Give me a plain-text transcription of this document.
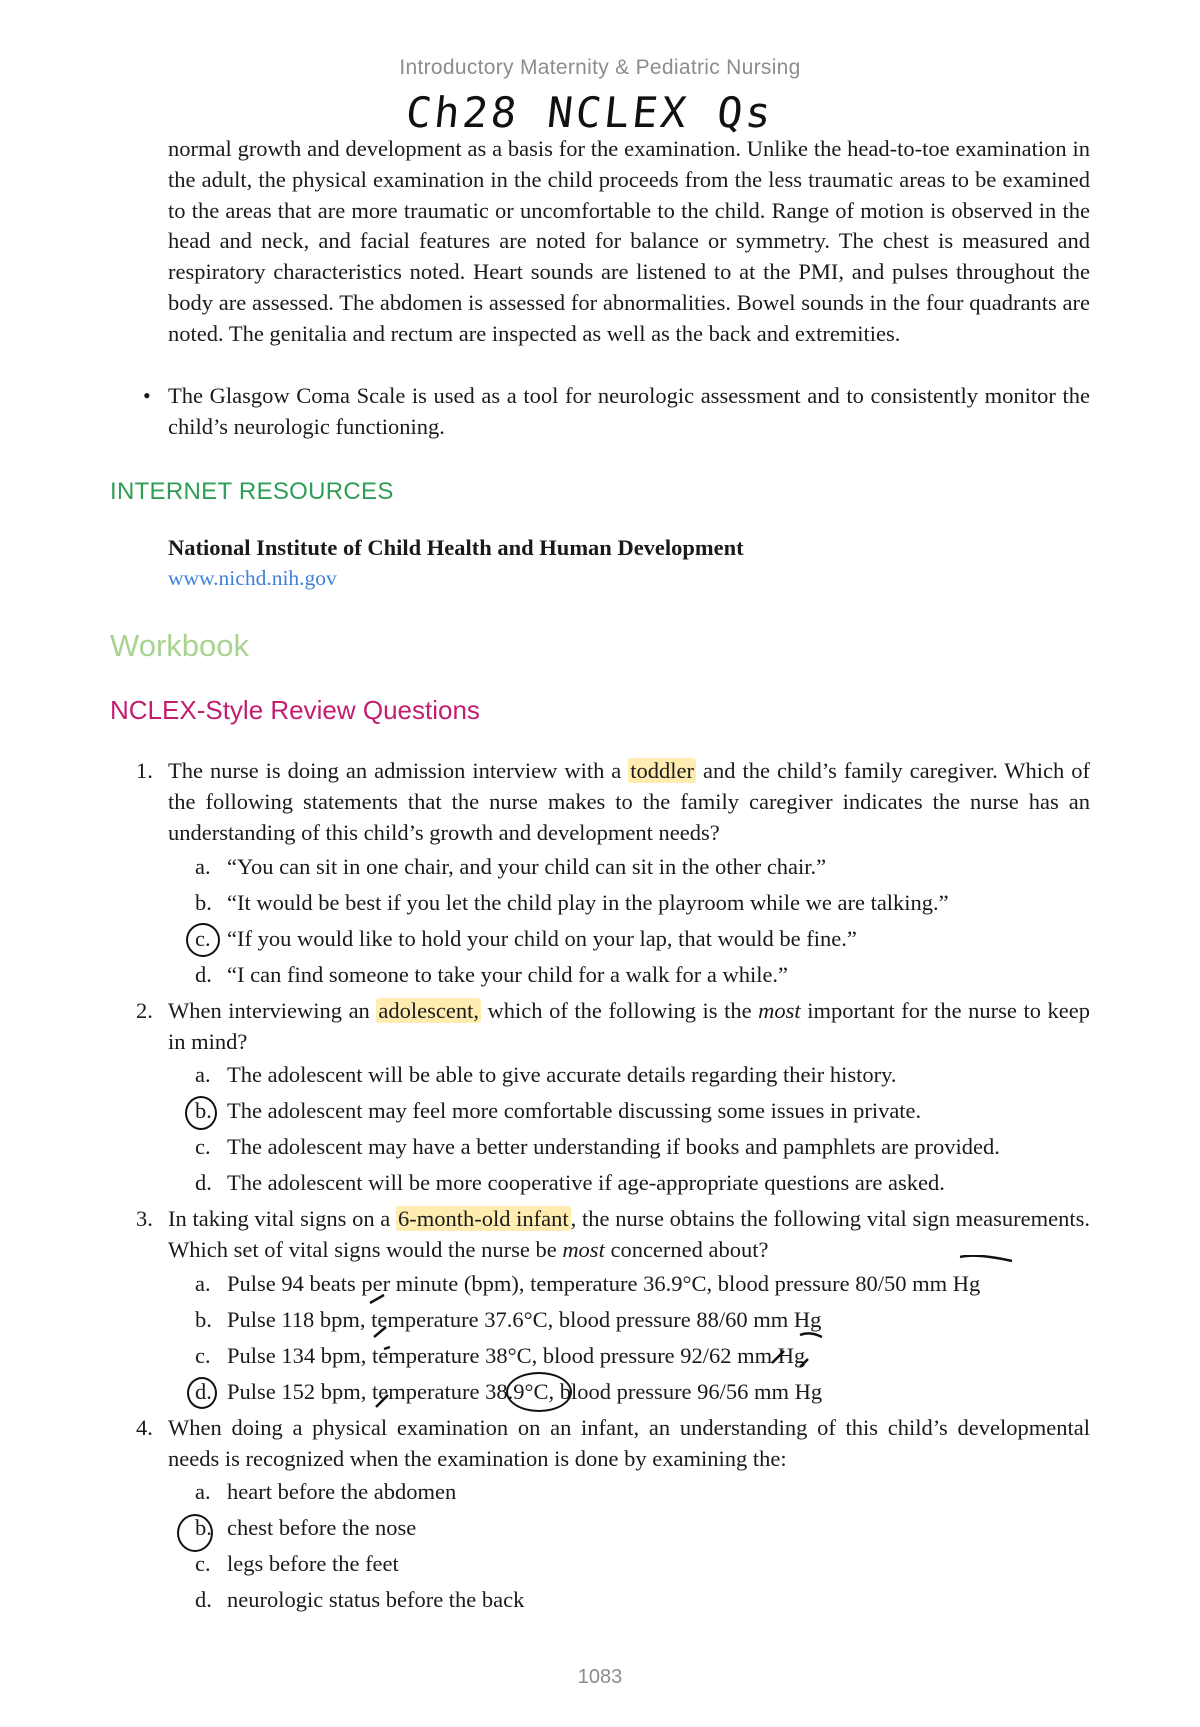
Introductory Maternity & Pediatric Nursing
Ch28 NCLEX Qs
normal growth and development as a basis for the examination. Unlike the head-to-toe examination in the adult, the physical examination in the child proceeds from the less traumatic areas to be examined to the areas that are more traumatic or uncomfortable to the child. Range of motion is observed in the head and neck, and facial features are noted for balance or symmetry. The chest is measured and respiratory characteristics noted. Heart sounds are listened to at the PMI, and pulses throughout the body are assessed. The abdomen is assessed for abnormalities. Bowel sounds in the four quadrants are noted. The genitalia and rectum are inspected as well as the back and extremities.
• The Glasgow Coma Scale is used as a tool for neurologic assessment and to consistently monitor the child’s neurologic functioning.
INTERNET RESOURCES
National Institute of Child Health and Human Development
www.nichd.nih.gov
Workbook
NCLEX-Style Review Questions
1. The nurse is doing an admission interview with a toddler and the child’s family caregiver. Which of the following statements that the nurse makes to the family caregiver indicates the nurse has an understanding of this child’s growth and development needs?
a. “You can sit in one chair, and your child can sit in the other chair.”
b. “It would be best if you let the child play in the playroom while we are talking.”
c. “If you would like to hold your child on your lap, that would be fine.”
d. “I can find someone to take your child for a walk for a while.”
2. When interviewing an adolescent, which of the following is the most important for the nurse to keep in mind?
a. The adolescent will be able to give accurate details regarding their history.
b. The adolescent may feel more comfortable discussing some issues in private.
c. The adolescent may have a better understanding if books and pamphlets are provided.
d. The adolescent will be more cooperative if age-appropriate questions are asked.
3. In taking vital signs on a 6-month-old infant, the nurse obtains the following vital sign measurements. Which set of vital signs would the nurse be most concerned about?
a. Pulse 94 beats per minute (bpm), temperature 36.9°C, blood pressure 80/50 mm Hg
b. Pulse 118 bpm, temperature 37.6°C, blood pressure 88/60 mm Hg
c. Pulse 134 bpm, temperature 38°C, blood pressure 92/62 mm Hg
d. Pulse 152 bpm, temperature 38.9°C, blood pressure 96/56 mm Hg
4. When doing a physical examination on an infant, an understanding of this child’s developmental needs is recognized when the examination is done by examining the:
a. heart before the abdomen
b. chest before the nose
c. legs before the feet
d. neurologic status before the back
1083
